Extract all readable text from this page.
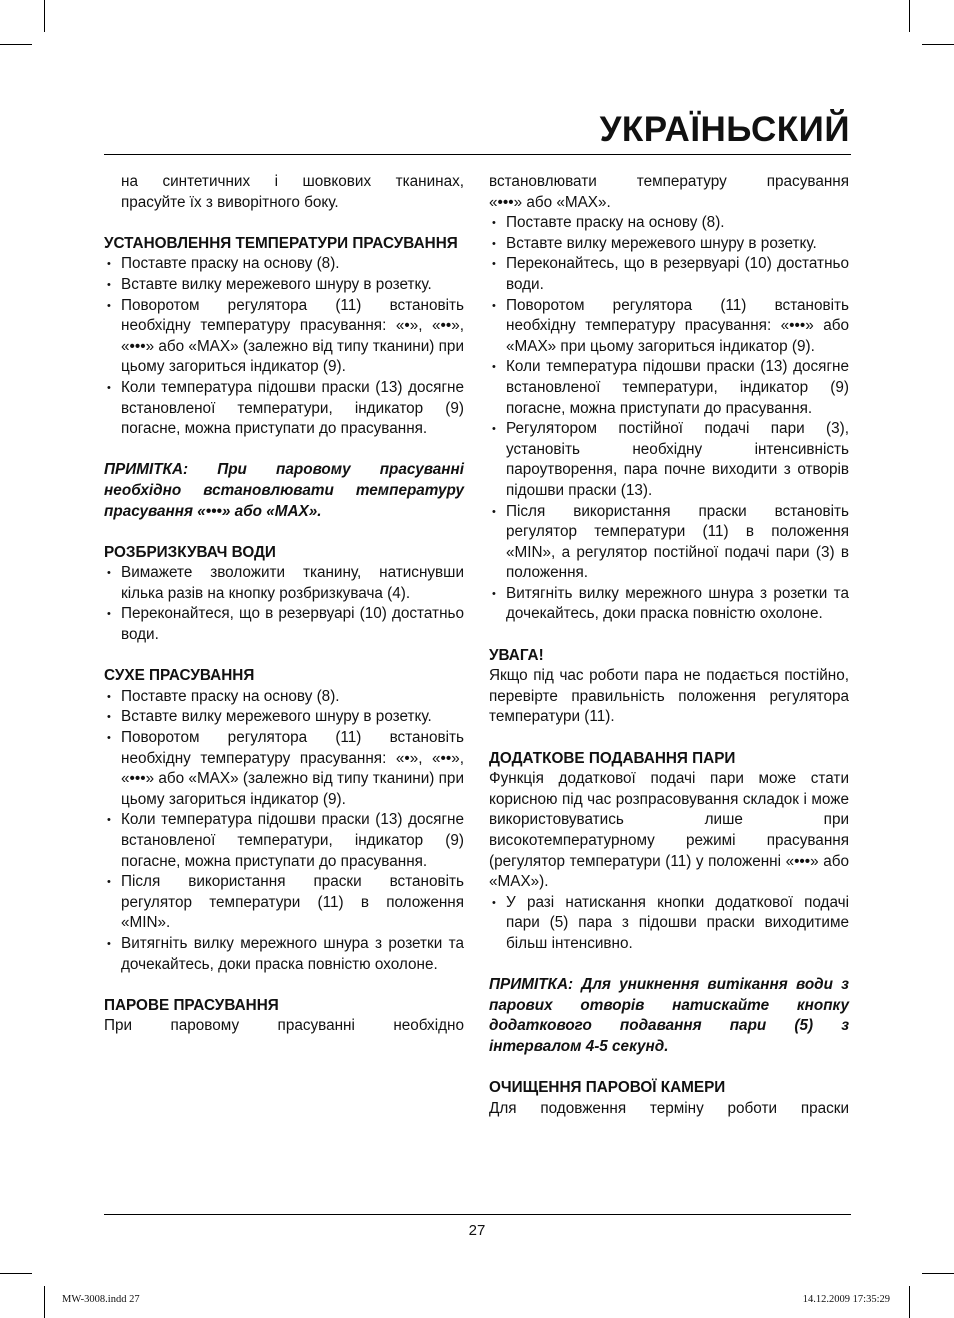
УКРАЇНЬСКИЙ

на синтетичних і шовкових тканинах,

прасуйте їх з виворітного боку.

УСТАНОВЛЕННЯ ТЕМПЕРАТУРИ ПРАСУВАННЯ

• Поставте праску на основу (8).
• Вставте вилку мережевого шнуру в розетку.
• Поворотом регулятора (11) встановіть необхідну температуру прасування: «•», «••», «•••» або «MAX» (залежно від типу тканини) при цьому загориться індикатор (9).
• Коли температура підошви праски (13) досягне встановленої температури, індикатор (9) погасне, можна приступати до прасування.

ПРИМІТКА: При паровому прасуванні необхідно встановлювати температуру прасування «•••» або «MAX».

РОЗБРИЗКУВАЧ ВОДИ

• Вимажете зволожити тканину, натиснувши кілька разів на кнопку розбризкувача (4).
• Переконайтеся, що в резервуарі (10) достатньо води.

СУХЕ ПРАСУВАННЯ

• Поставте праску на основу (8).
• Вставте вилку мережевого шнуру в розетку.
• Поворотом регулятора (11) встановіть необхідну температуру прасування: «•», «••», «•••» або «MAX» (залежно від типу тканини) при цьому загориться індикатор (9).
• Коли температура підошви праски (13) досягне встановленої температури, індикатор (9) погасне, можна приступати до прасування.
• Після використання праски встановіть регулятор температури (11) в положення «MIN».
• Витягніть вилку мережного шнура з розетки та дочекайтесь, доки праска повністю охолоне.

ПАРОВЕ ПРАСУВАННЯ

При паровому прасуванні необхідно

встановлювати температуру прасування

«•••» або «MAX».

• Поставте праску на основу (8).
• Вставте вилку мережевого шнуру в розетку.
• Переконайтесь, що в резервуарі (10) достатньо води.
• Поворотом регулятора (11) встановіть необхідну температуру прасування: «•••» або «MAX» при цьому загориться індикатор (9).
• Коли температура підошви праски (13) досягне встановленої температури, індикатор (9) погасне, можна приступати до прасування.
• Регулятором постійної подачі пари (3), установіть необхідну інтенсивність пароутворення, пара почне виходити з отворів підошви праски (13).
• Після використання праски встановіть регулятор температури (11) в положення «MIN», а регулятор постійної подачі пари (3) в положення.
• Витягніть вилку мережного шнура з розетки та дочекайтесь, доки праска повністю охолоне.

УВАГА!

Якщо під час роботи пара не подається постійно, перевірте правильність положення регулятора температури (11).

ДОДАТКОВЕ ПОДАВАННЯ ПАРИ

Функція додаткової подачі пари може стати корисною під час розпрасовування складок і може використовуватись лише при високотемпературному режимі прасування (регулятор температури (11) у положенні «•••» або «MAX»).

• У разі натискання кнопки додаткової подачі пари (5) пара з підошви праски виходитиме більш інтенсивно.

ПРИМІТКА: Для уникнення витікання води з парових отворів натискайте кнопку додаткового подавання пари (5) з інтервалом 4-5 секунд.

ОЧИЩЕННЯ ПАРОВОЇ КАМЕРИ

Для подовження терміну роботи праски

27
MW-3008.indd 27	14.12.2009 17:35:29
